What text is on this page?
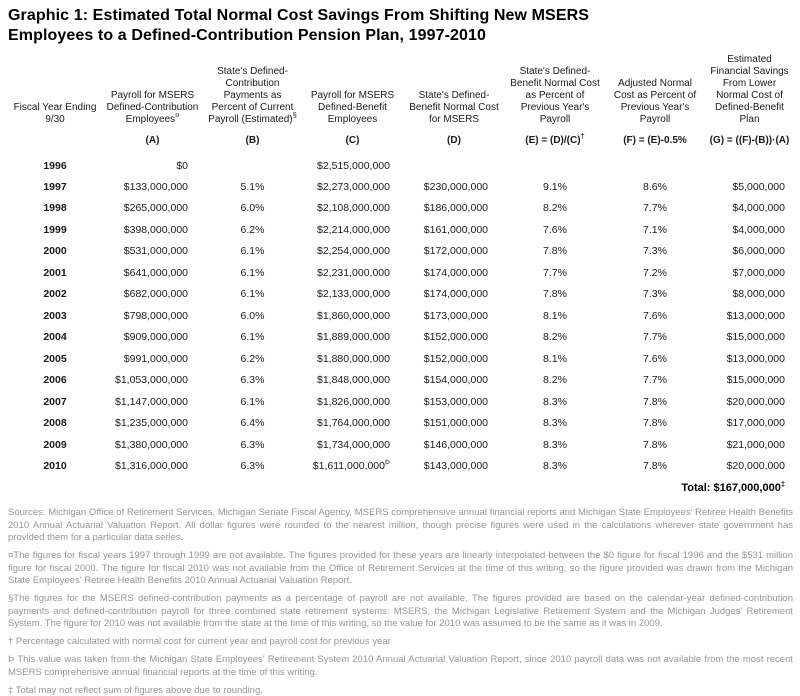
Graphic 1: Estimated Total Normal Cost Savings From Shifting New MSERS
Employees to a Defined-Contribution Pension Plan, 1997-2010
Fiscal Year Ending 9/30	Payroll for MSERS Defined-Contribution Employees¤	State's Defined-Contribution Payments as Percent of Current Payroll (Estimated)§	Payroll for MSERS Defined-Benefit Employees	State's Defined-Benefit Normal Cost for MSERS	State's Defined-Benefit Normal Cost as Percent of Previous Year's Payroll	Adjusted Normal Cost as Percent of Previous Year's Payroll	Estimated Financial Savings From Lower Normal Cost of Defined-Benefit Plan
	(A)	(B)	(C)	(D)	(E) = (D)/(C)†	(F) = (E)-0.5%	(G) = ((F)-(B))·(A)
1996	$0		$2,515,000,000				
1997	$133,000,000	5.1%	$2,273,000,000	$230,000,000	9.1%	8.6%	$5,000,000
1998	$265,000,000	6.0%	$2,108,000,000	$186,000,000	8.2%	7.7%	$4,000,000
1999	$398,000,000	6.2%	$2,214,000,000	$161,000,000	7.6%	7.1%	$4,000,000
2000	$531,000,000	6.1%	$2,254,000,000	$172,000,000	7.8%	7.3%	$6,000,000
2001	$641,000,000	6.1%	$2,231,000,000	$174,000,000	7.7%	7.2%	$7,000,000
2002	$682,000,000	6.1%	$2,133,000,000	$174,000,000	7.8%	7.3%	$8,000,000
2003	$798,000,000	6.0%	$1,860,000,000	$173,000,000	8.1%	7.6%	$13,000,000
2004	$909,000,000	6.1%	$1,889,000,000	$152,000,000	8.2%	7.7%	$15,000,000
2005	$991,000,000	6.2%	$1,880,000,000	$152,000,000	8.1%	7.6%	$13,000,000
2006	$1,053,000,000	6.3%	$1,848,000,000	$154,000,000	8.2%	7.7%	$15,000,000
2007	$1,147,000,000	6.1%	$1,826,000,000	$153,000,000	8.3%	7.8%	$20,000,000
2008	$1,235,000,000	6.4%	$1,764,000,000	$151,000,000	8.3%	7.8%	$17,000,000
2009	$1,380,000,000	6.3%	$1,734,000,000	$146,000,000	8.3%	7.8%	$21,000,000
2010	$1,316,000,000	6.3%	$\$1,611,000,000^Þ$	$143,000,000	8.3%	7.8%	$20,000,000
Total: $167,000,000‡

Sources: Michigan Office of Retirement Services, Michigan Senate Fiscal Agency, MSERS comprehensive annual financial reports and Michigan State Employees' Retiree Health Benefits 2010 Annual Actuarial Valuation Report. All dollar figures were rounded to the nearest million, though precise figures were used in the calculations wherever state government has provided them for a particular data series.

¤The figures for fiscal years 1997 through 1999 are not available. The figures provided for these years are linearly interpolated between the $0 figure for fiscal 1996 and the $531 million figure for fiscal 2000. The figure for fiscal 2010 was not available from the Office of Retirement Services at the time of this writing, so the figure provided was drawn from the Michigan State Employees' Retiree Health Benefits 2010 Annual Actuarial Valuation Report.

§The figures for the MSERS defined-contribution payments as a percentage of payroll are not available. The figures provided are based on the calendar-year defined-contribution payments and defined-contribution payroll for three combined state retirement systems: MSERS, the Michigan Legislative Retirement System and the Michigan Judges' Retirement System. The figure for 2010 was not available from the state at the time of this writing, so the value for 2010 was assumed to be the same as it was in 2009.

† Percentage calculated with normal cost for current year and payroll cost for previous year

Þ This value was taken from the Michigan State Employees' Retirement System 2010 Annual Actuarial Valuation Report, since 2010 payroll data was not available from the most recent MSERS comprehensive annual financial reports at the time of this writing.

‡ Total may not reflect sum of figures above due to rounding.
